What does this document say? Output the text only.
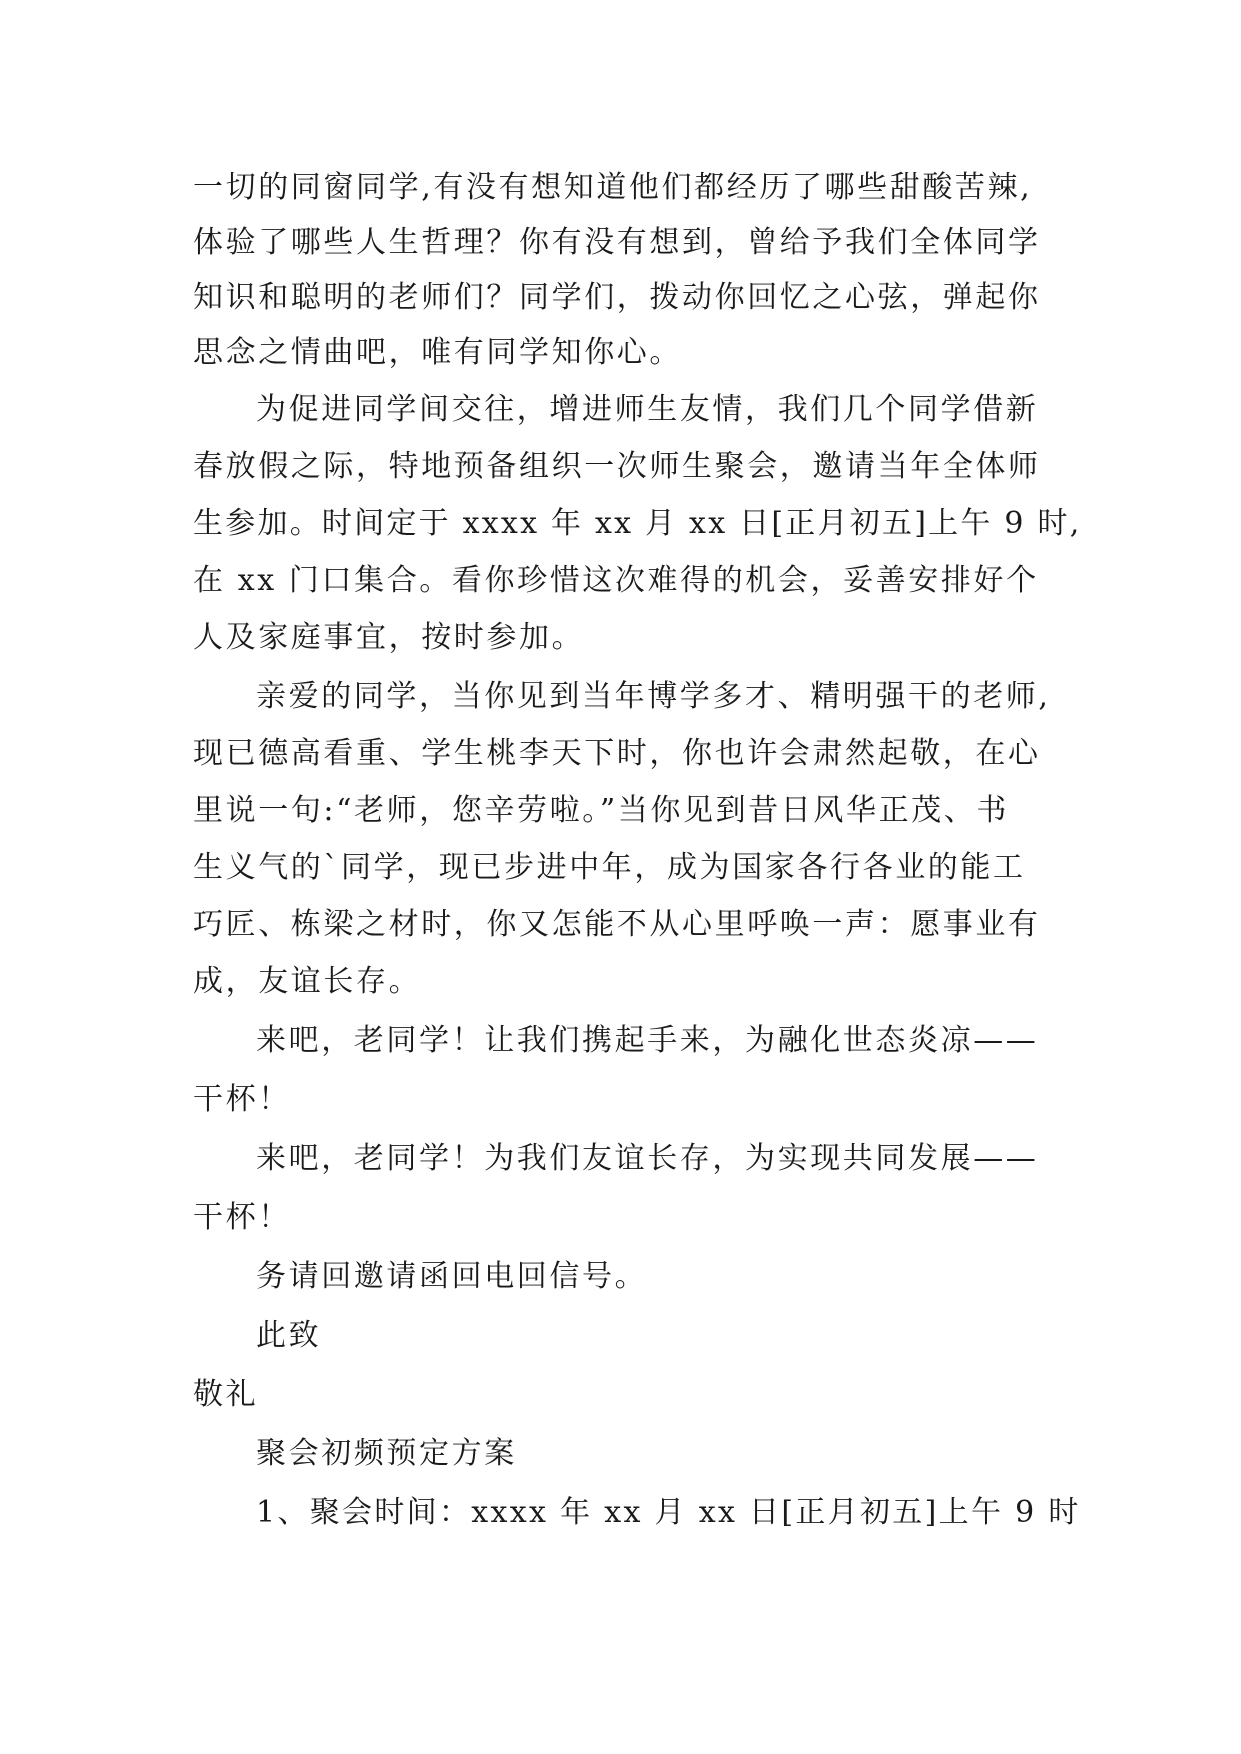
一切的同窗同学,有没有想知道他们都经历了哪些甜酸苦辣,
体验了哪些人生哲理？你有没有想到，曾给予我们全体同学
知识和聪明的老师们？同学们，拨动你回忆之心弦，弹起你
思念之情曲吧，唯有同学知你心。
为促进同学间交往，增进师生友情，我们几个同学借新
春放假之际，特地预备组织一次师生聚会，邀请当年全体师
生参加。时间定于 xxxx 年 xx 月 xx 日[正月初五]上午 9 时,
在 xx 门口集合。看你珍惜这次难得的机会，妥善安排好个
人及家庭事宜，按时参加。
亲爱的同学，当你见到当年博学多才、精明强干的老师,
现已德高看重、学生桃李天下时，你也许会肃然起敬，在心
里说一句:“老师，您辛劳啦。”当你见到昔日风华正茂、书
生义气的`同学，现已步进中年，成为国家各行各业的能工
巧匠、栋梁之材时，你又怎能不从心里呼唤一声：愿事业有
成，友谊长存。
来吧，老同学！让我们携起手来，为融化世态炎凉——
干杯！
来吧，老同学！为我们友谊长存，为实现共同发展——
干杯！
务请回邀请函回电回信号。
此致
敬礼
聚会初频预定方案
1、聚会时间：xxxx 年 xx 月 xx 日[正月初五]上午 9 时
